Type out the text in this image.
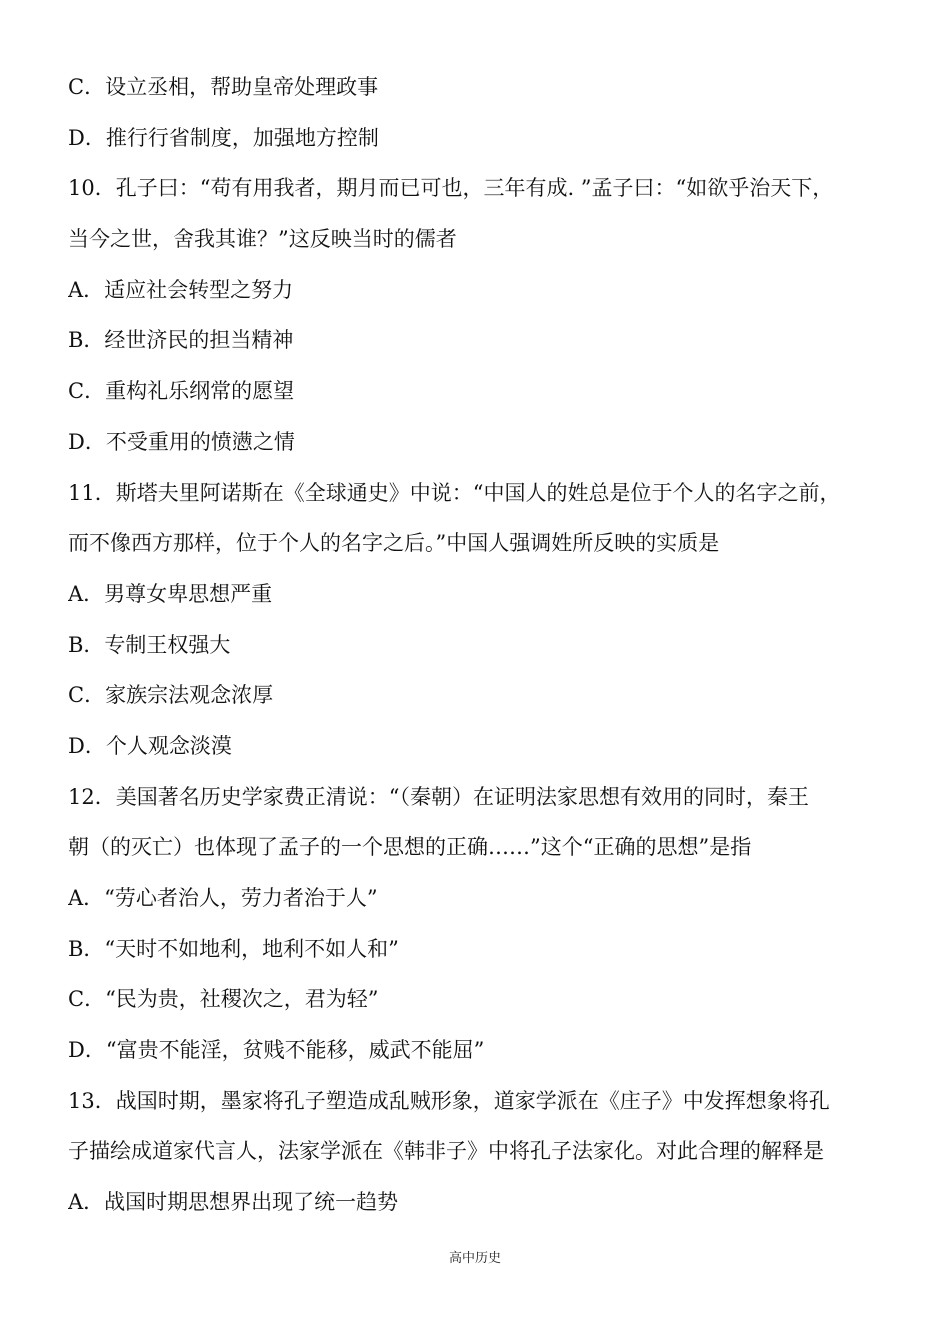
C．设立丞相，帮助皇帝处理政事
D．推行行省制度，加强地方控制
10．孔子曰：“苟有用我者，期月而已可也，三年有成. ”孟子曰：“如欲乎治天下，
当今之世，舍我其谁？”这反映当时的儒者
A．适应社会转型之努力
B．经世济民的担当精神
C．重构礼乐纲常的愿望
D．不受重用的愤懑之情
11．斯塔夫里阿诺斯在《全球通史》中说：“中国人的姓总是位于个人的名字之前，
而不像西方那样，位于个人的名字之后。”中国人强调姓所反映的实质是
A．男尊女卑思想严重
B．专制王权强大
C．家族宗法观念浓厚
D．个人观念淡漠
12．美国著名历史学家费正清说：“（秦朝）在证明法家思想有效用的同时，秦王
朝（的灭亡）也体现了孟子的一个思想的正确……”这个“正确的思想”是指
A．“劳心者治人，劳力者治于人”
B．“天时不如地利，地利不如人和”
C．“民为贵，社稷次之，君为轻”
D．“富贵不能淫，贫贱不能移，威武不能屈”
13．战国时期，墨家将孔子塑造成乱贼形象，道家学派在《庄子》中发挥想象将孔
子描绘成道家代言人，法家学派在《韩非子》中将孔子法家化。对此合理的解释是
A．战国时期思想界出现了统一趋势
高中历史
